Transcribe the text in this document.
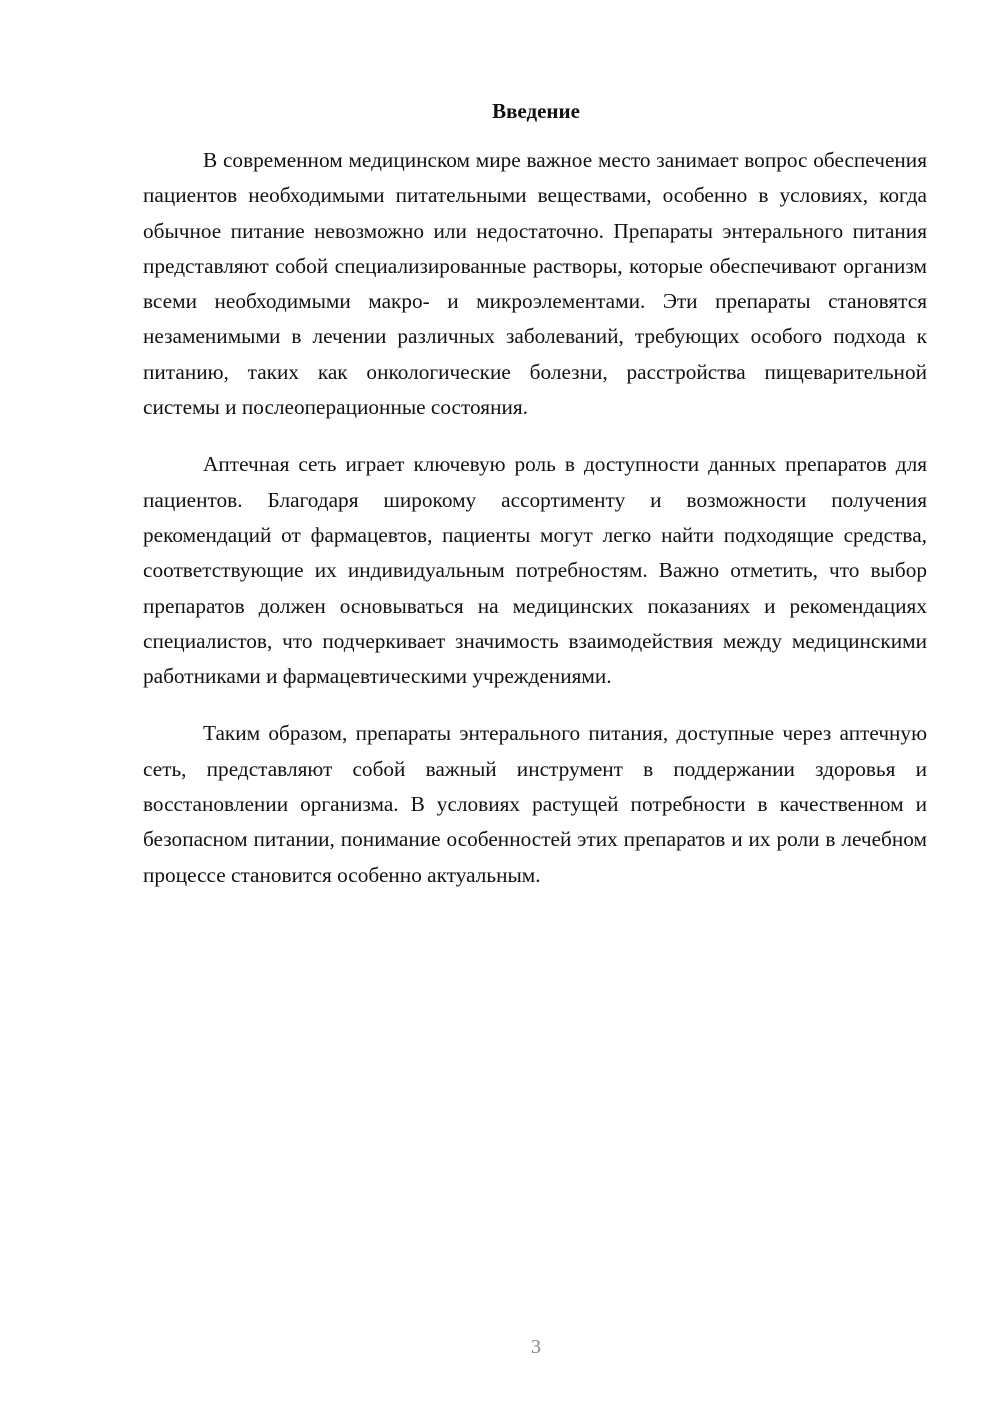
Введение

В современном медицинском мире важное место занимает вопрос обеспечения пациентов необходимыми питательными веществами, особенно в условиях, когда обычное питание невозможно или недостаточно. Препараты энтерального питания представляют собой специализированные растворы, которые обеспечивают организм всеми необходимыми макро- и микроэлементами. Эти препараты становятся незаменимыми в лечении различных заболеваний, требующих особого подхода к питанию, таких как онкологические болезни, расстройства пищеварительной системы и послеоперационные состояния.

Аптечная сеть играет ключевую роль в доступности данных препаратов для пациентов. Благодаря широкому ассортименту и возможности получения рекомендаций от фармацевтов, пациенты могут легко найти подходящие средства, соответствующие их индивидуальным потребностям. Важно отметить, что выбор препаратов должен основываться на медицинских показаниях и рекомендациях специалистов, что подчеркивает значимость взаимодействия между медицинскими работниками и фармацевтическими учреждениями.

Таким образом, препараты энтерального питания, доступные через аптечную сеть, представляют собой важный инструмент в поддержании здоровья и восстановлении организма. В условиях растущей потребности в качественном и безопасном питании, понимание особенностей этих препаратов и их роли в лечебном процессе становится особенно актуальным.

3
